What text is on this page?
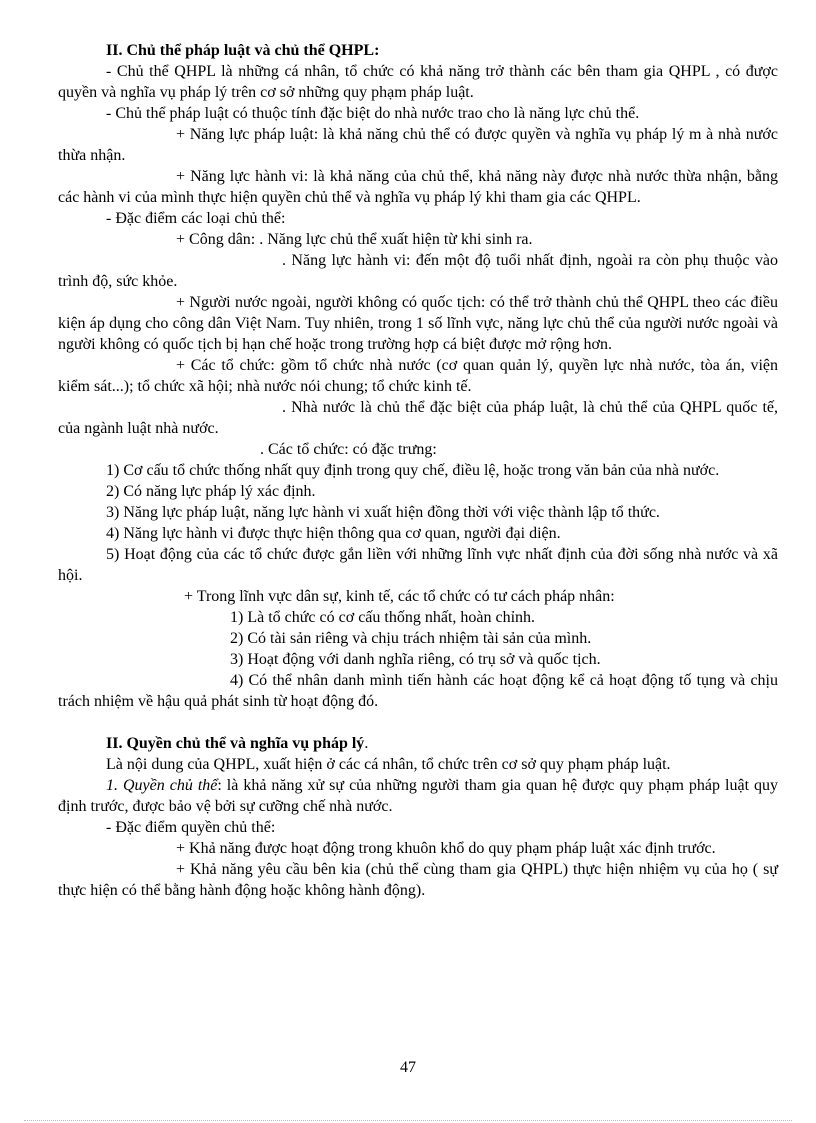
II. Chủ thể pháp luật và chủ thể QHPL:

- Chủ thể QHPL là những cá nhân, tổ chức có khả năng trở thành các bên tham gia QHPL , có được quyền và nghĩa vụ pháp lý trên cơ sở những quy phạm pháp luật.

- Chủ thể pháp luật có thuộc tính đặc biệt do nhà nước trao cho là năng lực chủ thể.

+ Năng lực pháp luật: là khả năng chủ thể có được quyền và nghĩa vụ pháp lý m à nhà nước thừa nhận.

+ Năng lực hành vi: là khả năng của chủ thể, khả năng này được nhà nước thừa nhận, bằng các hành vi của mình thực hiện quyền chủ thể và nghĩa vụ pháp lý khi tham gia các QHPL.

- Đặc điểm các loại chủ thể:

+ Công dân: . Năng lực chủ thể xuất hiện từ khi sinh ra.

. Năng lực hành vi: đến một độ tuổi nhất định, ngoài ra còn phụ thuộc vào trình độ, sức khỏe.

+ Người nước ngoài, người không có quốc tịch: có thể trở thành chủ thể QHPL theo các điều kiện áp dụng cho công dân Việt Nam. Tuy nhiên, trong 1 số lĩnh vực, năng lực chủ thể của người nước ngoài và người không có quốc tịch bị hạn chế hoặc trong trường hợp cá biệt được mở rộng hơn.

+ Các tổ chức: gồm tổ chức nhà nước (cơ quan quản lý, quyền lực nhà nước, tòa án, viện kiểm sát...); tổ chức xã hội; nhà nước nói chung; tổ chức kinh tế.

. Nhà nước là chủ thể đặc biệt của pháp luật, là chủ thể của QHPL quốc tế, của ngành luật nhà nước.

. Các tổ chức: có đặc trưng:

1) Cơ cấu tổ chức thống nhất quy định trong quy chế, điều lệ, hoặc trong văn bản của nhà nước.

2) Có năng lực pháp lý xác định.

3) Năng lực pháp luật, năng lực hành vi xuất hiện đồng thời với việc thành lập tổ thức.

4) Năng lực hành vi được thực hiện thông qua cơ quan, người đại diện.

5) Hoạt động của các tổ chức được gắn liền với những lĩnh vực nhất định của đời sống nhà nước và xã hội.

+ Trong lĩnh vực dân sự, kinh tế, các tổ chức có tư cách pháp nhân:

1) Là tổ chức có cơ cấu thống nhất, hoàn chỉnh.

2) Có tài sản riêng và chịu trách nhiệm tài sản của mình.

3) Hoạt động với danh nghĩa riêng, có trụ sở và quốc tịch.

4) Có thể nhân danh mình tiến hành các hoạt động kể cả hoạt động tố tụng và chịu trách nhiệm về hậu quả phát sinh từ hoạt động đó.

II. Quyền chủ thể và nghĩa vụ pháp lý.

Là nội dung của QHPL, xuất hiện ở các cá nhân, tổ chức trên cơ sở quy phạm pháp luật.

1. Quyền chủ thể: là khả năng xử sự của những người tham gia quan hệ được quy phạm pháp luật quy định trước, được bảo vệ bởi sự cưỡng chế nhà nước.

- Đặc điểm quyền chủ thể:

+ Khả năng được hoạt động trong khuôn khổ do quy phạm pháp luật xác định trước.

+ Khả năng yêu cầu bên kia (chủ thể cùng tham gia QHPL) thực hiện nhiệm vụ của họ ( sự thực hiện có thể bằng hành động hoặc không hành động).

47
